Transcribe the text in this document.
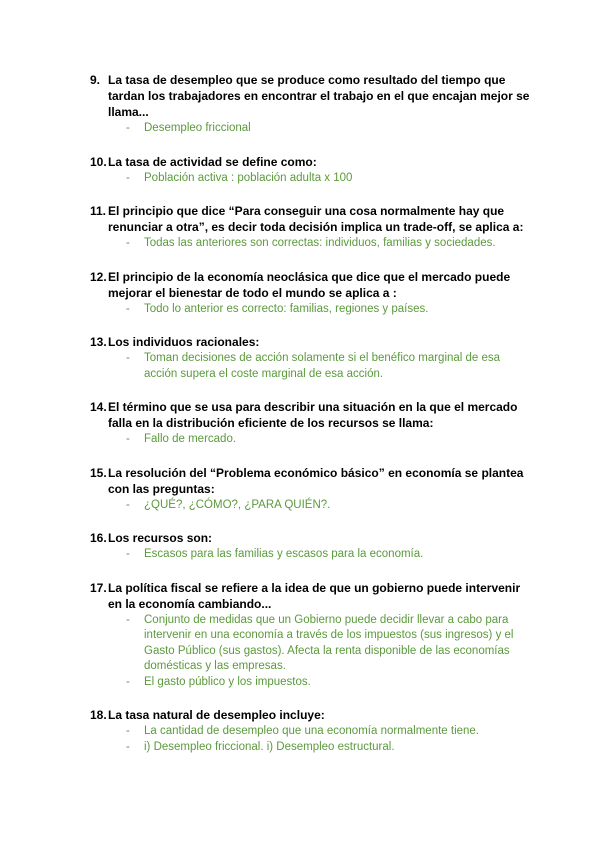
9. La tasa de desempleo que se produce como resultado del tiempo que tardan los trabajadores en encontrar el trabajo en el que encajan mejor se llama...
-	Desempleo friccional
10. La tasa de actividad se define como:
-	Población activa : población adulta x 100
11. El principio que dice “Para conseguir una cosa normalmente hay que renunciar a otra”, es decir toda decisión implica un trade-off, se aplica a:
-	Todas las anteriores son correctas: individuos, familias y sociedades.
12. El principio de la economía neoclásica que dice que el mercado puede mejorar el bienestar de todo el mundo se aplica a :
-	Todo lo anterior es correcto: familias, regiones y países.
13. Los individuos racionales:
-	Toman decisiones de acción solamente si el benéfico marginal de esa acción supera el coste marginal de esa acción.
14. El término que se usa para describir una situación en la que el mercado falla en la distribución eficiente de los recursos se llama:
-	Fallo de mercado.
15. La resolución del “Problema económico básico” en economía se plantea con las preguntas:
-	¿QUÉ?, ¿CÓMO?, ¿PARA QUIÉN?.
16. Los recursos son:
-	Escasos para las familias y escasos para la economía.
17. La política fiscal se refiere a la idea de que un gobierno puede intervenir en la economía cambiando...
-	Conjunto de medidas que un Gobierno puede decidir llevar a cabo para intervenir en una economía a través de los impuestos (sus ingresos) y el Gasto Público (sus gastos). Afecta la renta disponible de las economías domésticas y las empresas.
-	El gasto público y los impuestos.
18. La tasa natural de desempleo incluye:
-	La cantidad de desempleo que una economía normalmente tiene.
-	i) Desempleo friccional. i) Desempleo estructural.
